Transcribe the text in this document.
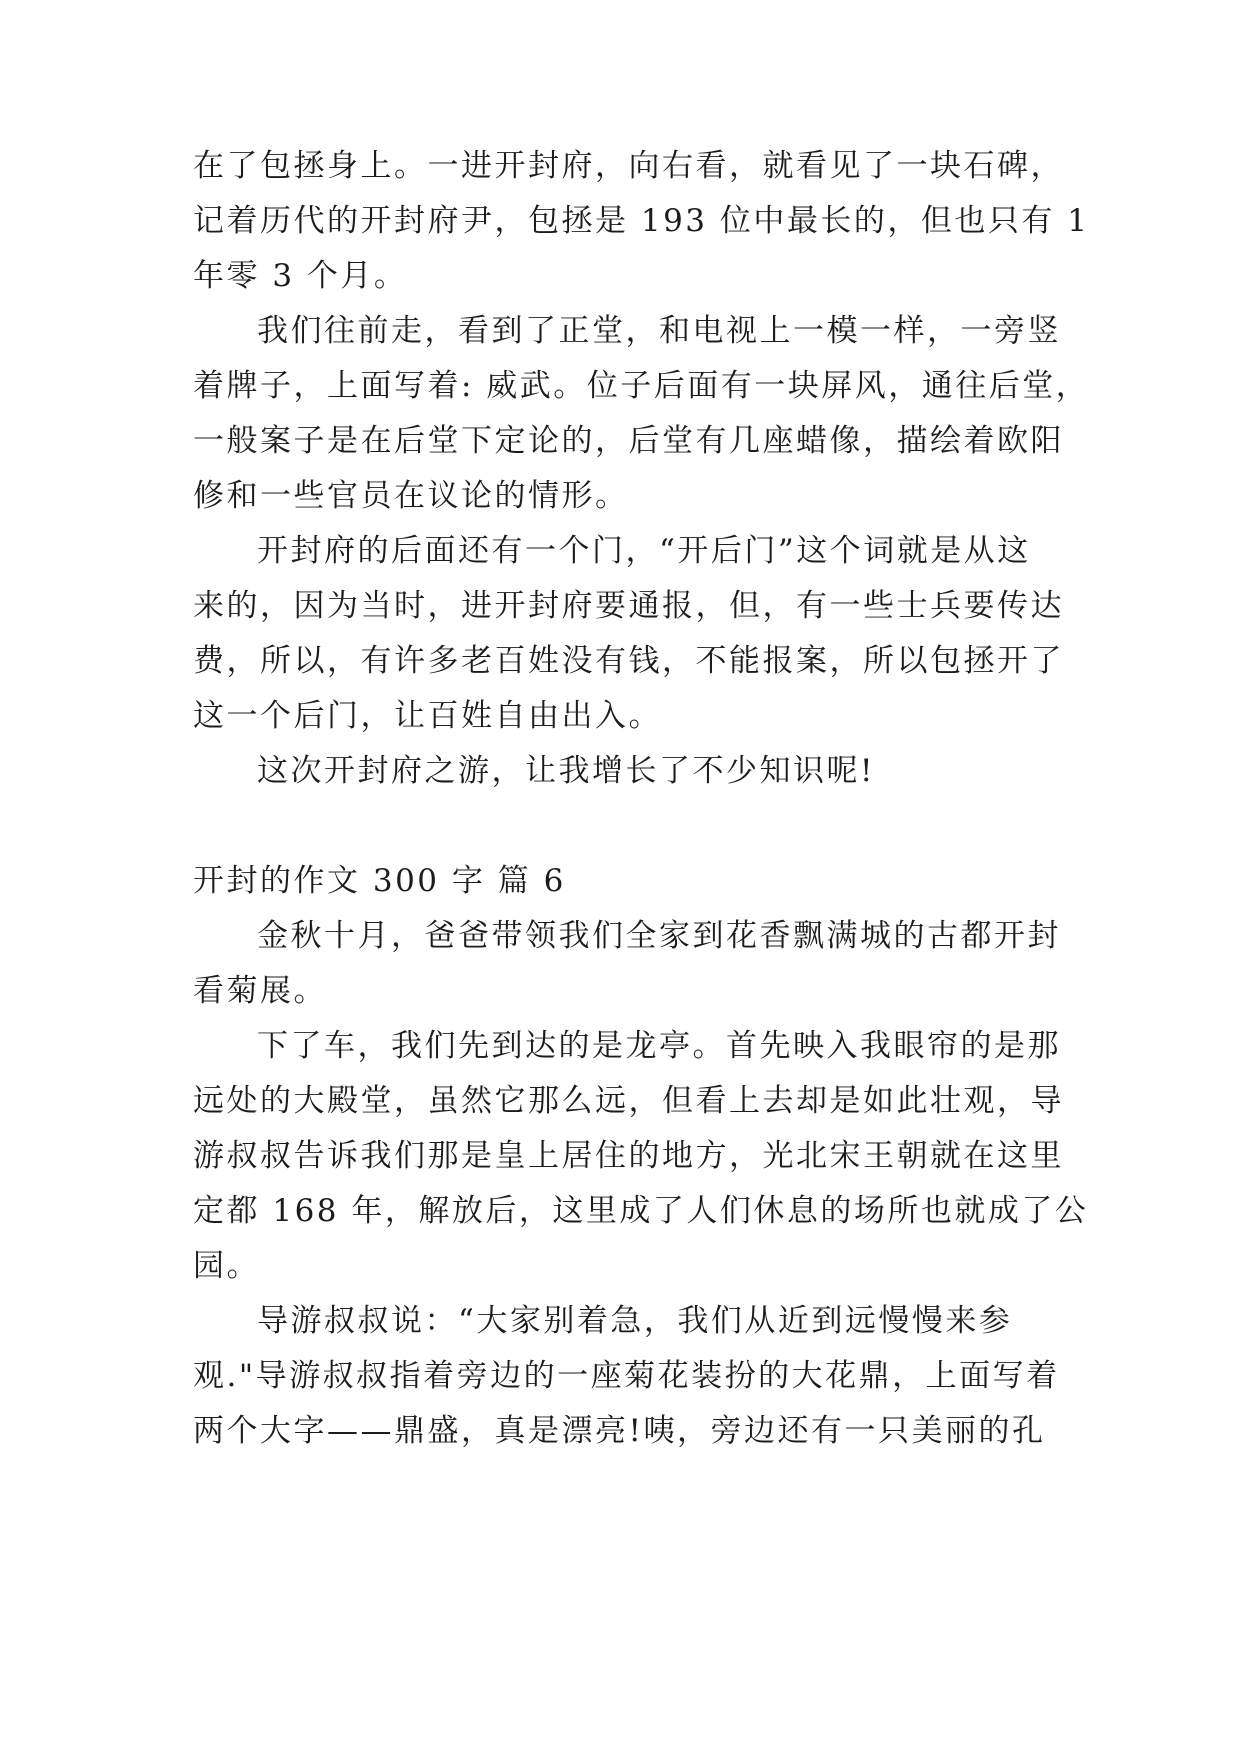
在了包拯身上。一进开封府，向右看，就看见了一块石碑，
记着历代的开封府尹，包拯是 193 位中最长的，但也只有 1
年零 3 个月。
我们往前走，看到了正堂，和电视上一模一样，一旁竖
着牌子，上面写着: 威武。位子后面有一块屏风，通往后堂，
一般案子是在后堂下定论的，后堂有几座蜡像，描绘着欧阳
修和一些官员在议论的情形。
开封府的后面还有一个门，“开后门”这个词就是从这
来的，因为当时，进开封府要通报，但，有一些士兵要传达
费，所以，有许多老百姓没有钱，不能报案，所以包拯开了
这一个后门，让百姓自由出入。
这次开封府之游，让我增长了不少知识呢!
开封的作文 300 字 篇 6
金秋十月，爸爸带领我们全家到花香飘满城的古都开封
看菊展。
下了车，我们先到达的是龙亭。首先映入我眼帘的是那
远处的大殿堂，虽然它那么远，但看上去却是如此壮观，导
游叔叔告诉我们那是皇上居住的地方，光北宋王朝就在这里
定都 168 年，解放后，这里成了人们休息的场所也就成了公
园。
导游叔叔说：“大家别着急，我们从近到远慢慢来参
观."导游叔叔指着旁边的一座菊花装扮的大花鼎，上面写着
两个大字——鼎盛，真是漂亮!咦，旁边还有一只美丽的孔
